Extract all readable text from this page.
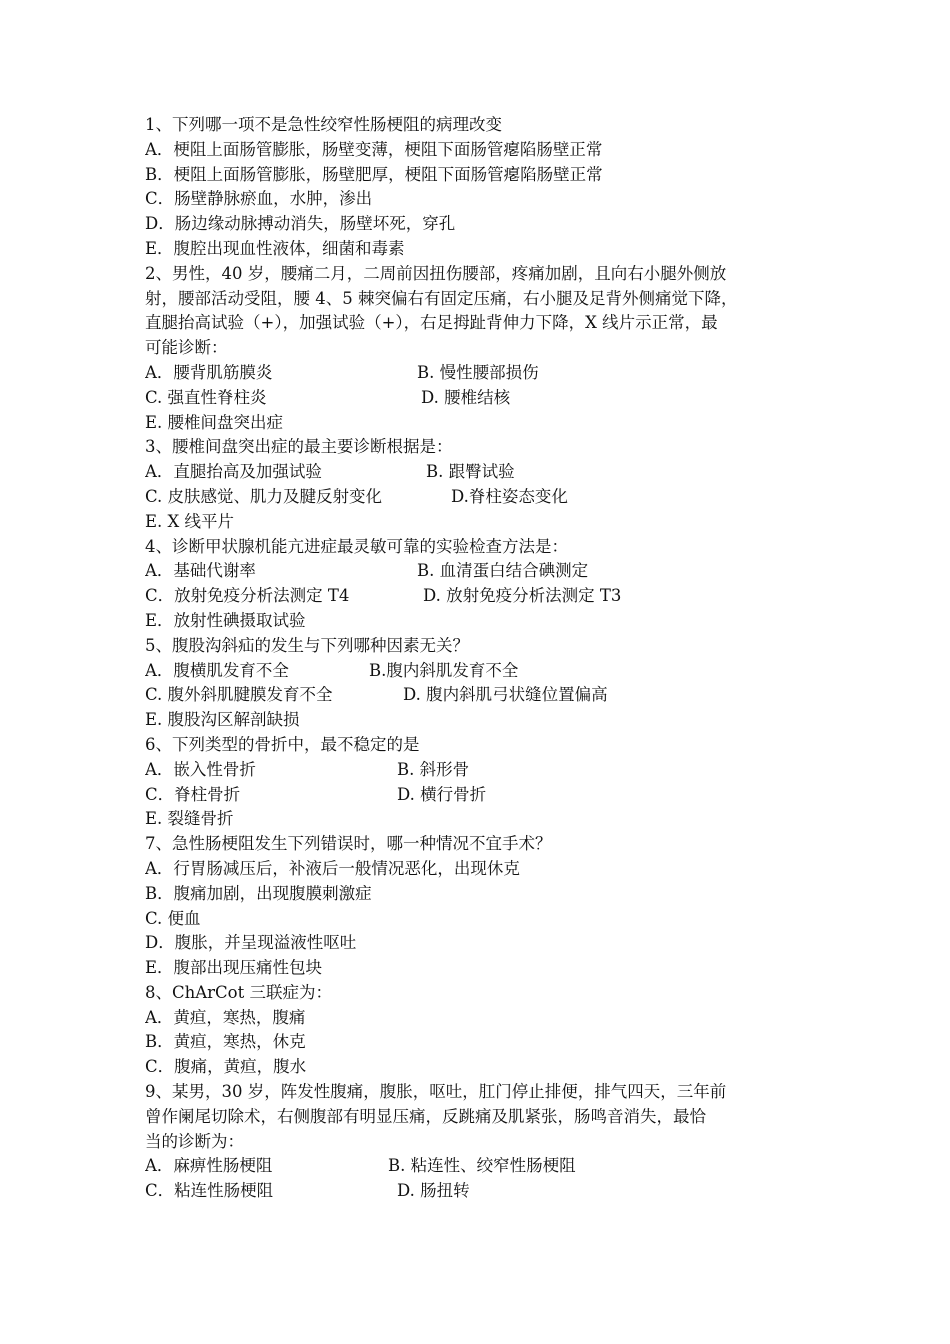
1、下列哪一项不是急性绞窄性肠梗阻的病理改变
A．梗阻上面肠管膨胀，肠壁变薄，梗阻下面肠管瘪陷肠壁正常
B．梗阻上面肠管膨胀，肠壁肥厚，梗阻下面肠管瘪陷肠壁正常
C．肠壁静脉瘀血，水肿，渗出
D．肠边缘动脉搏动消失，肠壁坏死，穿孔
E．腹腔出现血性液体，细菌和毒素
2、男性，40 岁，腰痛二月，二周前因扭伤腰部，疼痛加剧，且向右小腿外侧放
射，腰部活动受阻，腰 4、5 棘突偏右有固定压痛，右小腿及足背外侧痛觉下降，
直腿抬高试验（+），加强试验（+），右足拇趾背伸力下降，X 线片示正常，最
可能诊断：
A．腰背肌筋膜炎	B. 慢性腰部损伤
C. 强直性脊柱炎	D. 腰椎结核
E. 腰椎间盘突出症
3、腰椎间盘突出症的最主要诊断根据是：
A．直腿抬高及加强试验	B. 跟臀试验
C. 皮肤感觉、肌力及腱反射变化	D.脊柱姿态变化
E. X 线平片
4、诊断甲状腺机能亢进症最灵敏可靠的实验检查方法是：
A．基础代谢率	B. 血清蛋白结合碘测定
C．放射免疫分析法测定 T4	D. 放射免疫分析法测定 T3
E．放射性碘摄取试验
5、腹股沟斜疝的发生与下列哪种因素无关？
A．腹横肌发育不全	B.腹内斜肌发育不全
C. 腹外斜肌腱膜发育不全	D. 腹内斜肌弓状缝位置偏高
E. 腹股沟区解剖缺损
6、下列类型的骨折中，最不稳定的是
A．嵌入性骨折	B. 斜形骨
C．脊柱骨折	D. 横行骨折
E. 裂缝骨折
7、急性肠梗阻发生下列错误时，哪一种情况不宜手术？
A．行胃肠减压后，补液后一般情况恶化，出现休克
B．腹痛加剧，出现腹膜刺激症
C. 便血
D．腹胀，并呈现溢液性呕吐
E．腹部出现压痛性包块
8、ChArCot 三联症为：
A．黄疸，寒热，腹痛
B．黄疸，寒热，休克
C．腹痛，黄疸，腹水
9、某男，30 岁，阵发性腹痛，腹胀，呕吐，肛门停止排便，排气四天，三年前
曾作阑尾切除术，右侧腹部有明显压痛，反跳痛及肌紧张，肠鸣音消失，最恰
当的诊断为：
A．麻痹性肠梗阻	B. 粘连性、绞窄性肠梗阻
C．粘连性肠梗阻	D. 肠扭转
